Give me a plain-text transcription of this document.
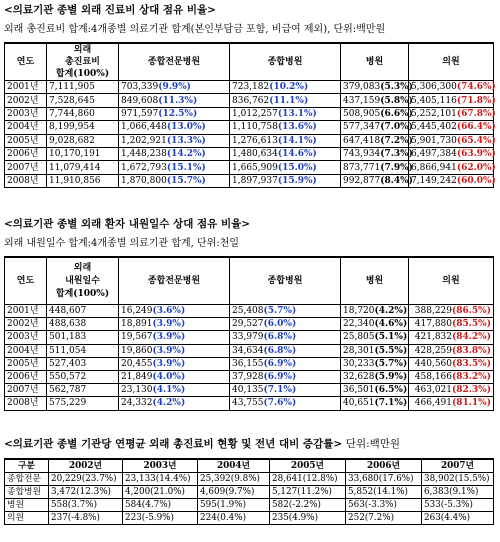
<의료기관 종별 외래 진료비 상대 점유 비율>
외래 총진료비 합계:4개종별 의료기관 합계(본인부담금 포함, 비급여 제외), 단위:백만원
연도	외래
총진료비
합계(100%)	종합전문병원	종합병원	병원	의원
2001년	7,111,905	703,339(9.9%)	723,182(10.2%)	379,083(5.3%)	5,306,300(74.6%)
2002년	7,528,645	849,608(11.3%)	836,762(11.1%)	437,159(5.8%)	5,405,116(71.8%)
2003년	7,744,860	971,597(12.5%)	1,012,257(13.1%)	508,905(6.6%)	5,252,101(67.8%)
2004년	8,199,954	1,066,448(13.0%)	1,110,758(13.6%)	577,347(7.0%)	5,445,402(66.4%)
2005년	9,028,682	1,202,921(13.3%)	1,276,613(14.1%)	647,418(7.2%)	5,901,730(65.4%)
2006년	10,170,191	1,448,238(14.2%)	1,480,634(14.6%)	743,934(7.3%)	6,497,384(63.9%)
2007년	11,079,414	1,672,793(15.1%)	1,665,909(15.0%)	873,771(7.9%)	6,866,941(62.0%)
2008년	11,910,856	1,870,800(15.7%)	1,897,937(15.9%)	992,877(8.4%)	7,149,242(60.0%)
<의료기관 종별 외래 환자 내원일수 상대 점유 비율>
외래 내원일수 합계:4개종별 의료기관 합계, 단위:천일
연도	외래
내원일수
합계(100%)	종합전문병원	종합병원	병원	의원
2001년	448,607	16,249(3.6%)	25,408(5.7%)	18,720(4.2%)	388,229(86.5%)
2002년	488,638	18,891(3.9%)	29,527(6.0%)	22,340(4.6%)	417,880(85.5%)
2003년	501,183	19,567(3.9%)	33,979(6.8%)	25,805(5.1%)	421,832(84.2%)
2004년	511,054	19,860(3.9%)	34,634(6.8%)	28,301(5.5%)	428,259(83.8%)
2005년	527,403	20,455(3.9%)	36,155(6.9%)	30,233(5.7%)	440,560(83.5%)
2006년	550,572	21,849(4.0%)	37,928(6.9%)	32,628(5.9%)	458,166(83.2%)
2007년	562,787	23,130(4.1%)	40,135(7.1%)	36,501(6.5%)	463,021(82.3%)
2008년	575,229	24,332(4.2%)	43,755(7.6%)	40,651(7.1%)	466,491(81.1%)
<의료기관 종별 기관당 연평균 외래 총진료비 현황 및 전년 대비 증감률> 단위:백만원
구분	2002년	2003년	2004년	2005년	2006년	2007년
종합전문	20,229(23.7%)	23,133(14.4%)	25,392(9.8%)	28,641(12.8%)	33,680(17.6%)	38,902(15.5%)
종합병원	3,472(12.3%)	4,200(21.0%)	4,609(9.7%)	5,127(11.2%)	5,852(14.1%)	6,383(9.1%)
병원	558(3.7%)	584(4.7%)	595(1.9%)	582(-2.2%)	563(-3.3%)	533(-5.3%)
의원	237(-4.8%)	223(-5.9%)	224(0.4%)	235(4.9%)	252(7.2%)	263(4.4%)
